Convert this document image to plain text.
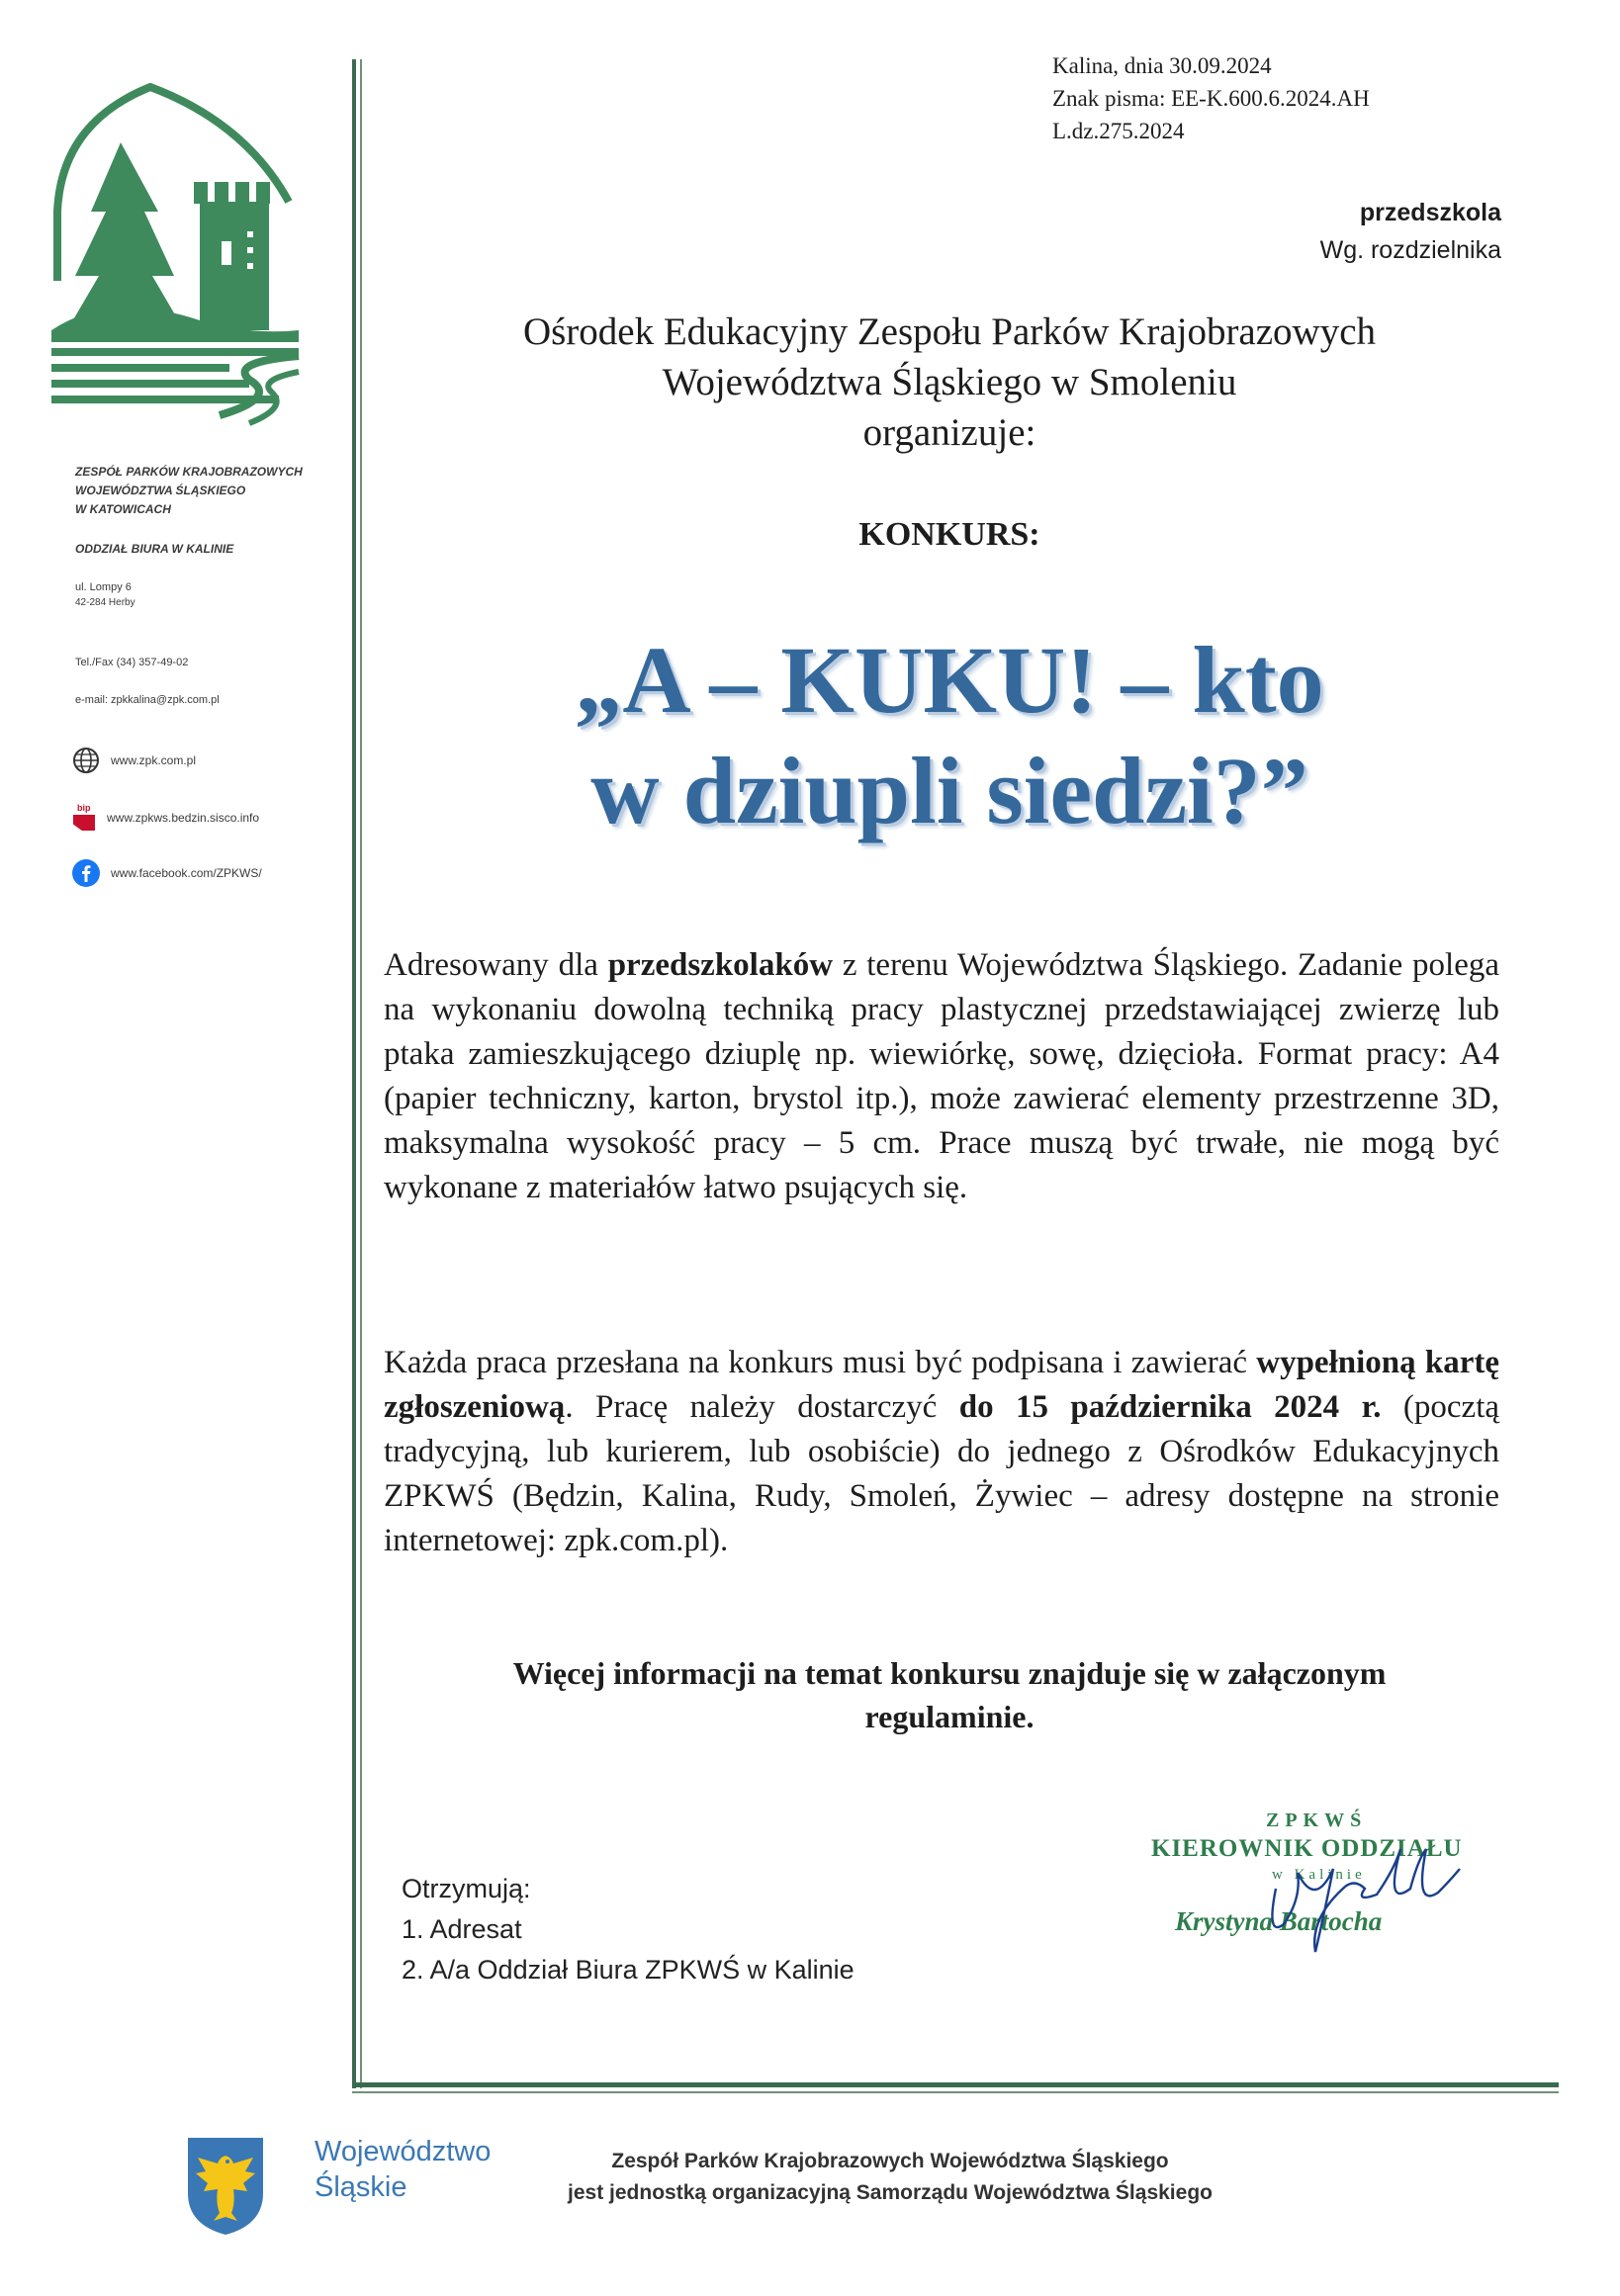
ZESPÓŁ PARKÓW KRAJOBRAZOWYCH
WOJEWÓDZTWA ŚLĄSKIEGO
W KATOWICACH
ODDZIAŁ BIURA W KALINIE
ul. Lompy 6
42-284 Herby
Tel./Fax (34) 357-49-02
e-mail: zpkkalina@zpk.com.pl
www.zpk.com.pl
bip
www.zpkws.bedzin.sisco.info
www.facebook.com/ZPKWS/
Kalina, dnia 30.09.2024
Znak pisma: EE-K.600.6.2024.AH
L.dz.275.2024
przedszkola
Wg. rozdzielnika
Ośrodek Edukacyjny Zespołu Parków Krajobrazowych
Województwa Śląskiego w Smoleniu
organizuje:
KONKURS:
„A – KUKU! – kto
w dziupli siedzi?”
Adresowany dla przedszkolaków z terenu Województwa Śląskiego. Zadanie polega na wykonaniu dowolną techniką pracy plastycznej przedstawiającej zwierzę lub ptaka zamieszkującego dziuplę np. wiewiórkę, sowę, dzięcioła. Format pracy: A4 (papier techniczny, karton, brystol itp.), może zawierać elementy przestrzenne 3D, maksymalna wysokość pracy – 5 cm. Prace muszą być trwałe, nie mogą być wykonane z materiałów łatwo psujących się.
Każda praca przesłana na konkurs musi być podpisana i zawierać wypełnioną kartę zgłoszeniową. Pracę należy dostarczyć do 15 października 2024 r. (pocztą tradycyjną, lub kurierem, lub osobiście) do jednego z Ośrodków Edukacyjnych ZPKWŚ (Będzin, Kalina, Rudy, Smoleń, Żywiec – adresy dostępne na stronie internetowej: zpk.com.pl).
Więcej informacji na temat konkursu znajduje się w załączonym
regulaminie.
Otrzymują:
1. Adresat
2. A/a Oddział Biura ZPKWŚ w Kalinie
ZPKWŚ
KIEROWNIK ODDZIAŁU
w Kalinie
Krystyna Bartocha
Województwo
Śląskie
Zespół Parków Krajobrazowych Województwa Śląskiego
jest jednostką organizacyjną Samorządu Województwa Śląskiego
